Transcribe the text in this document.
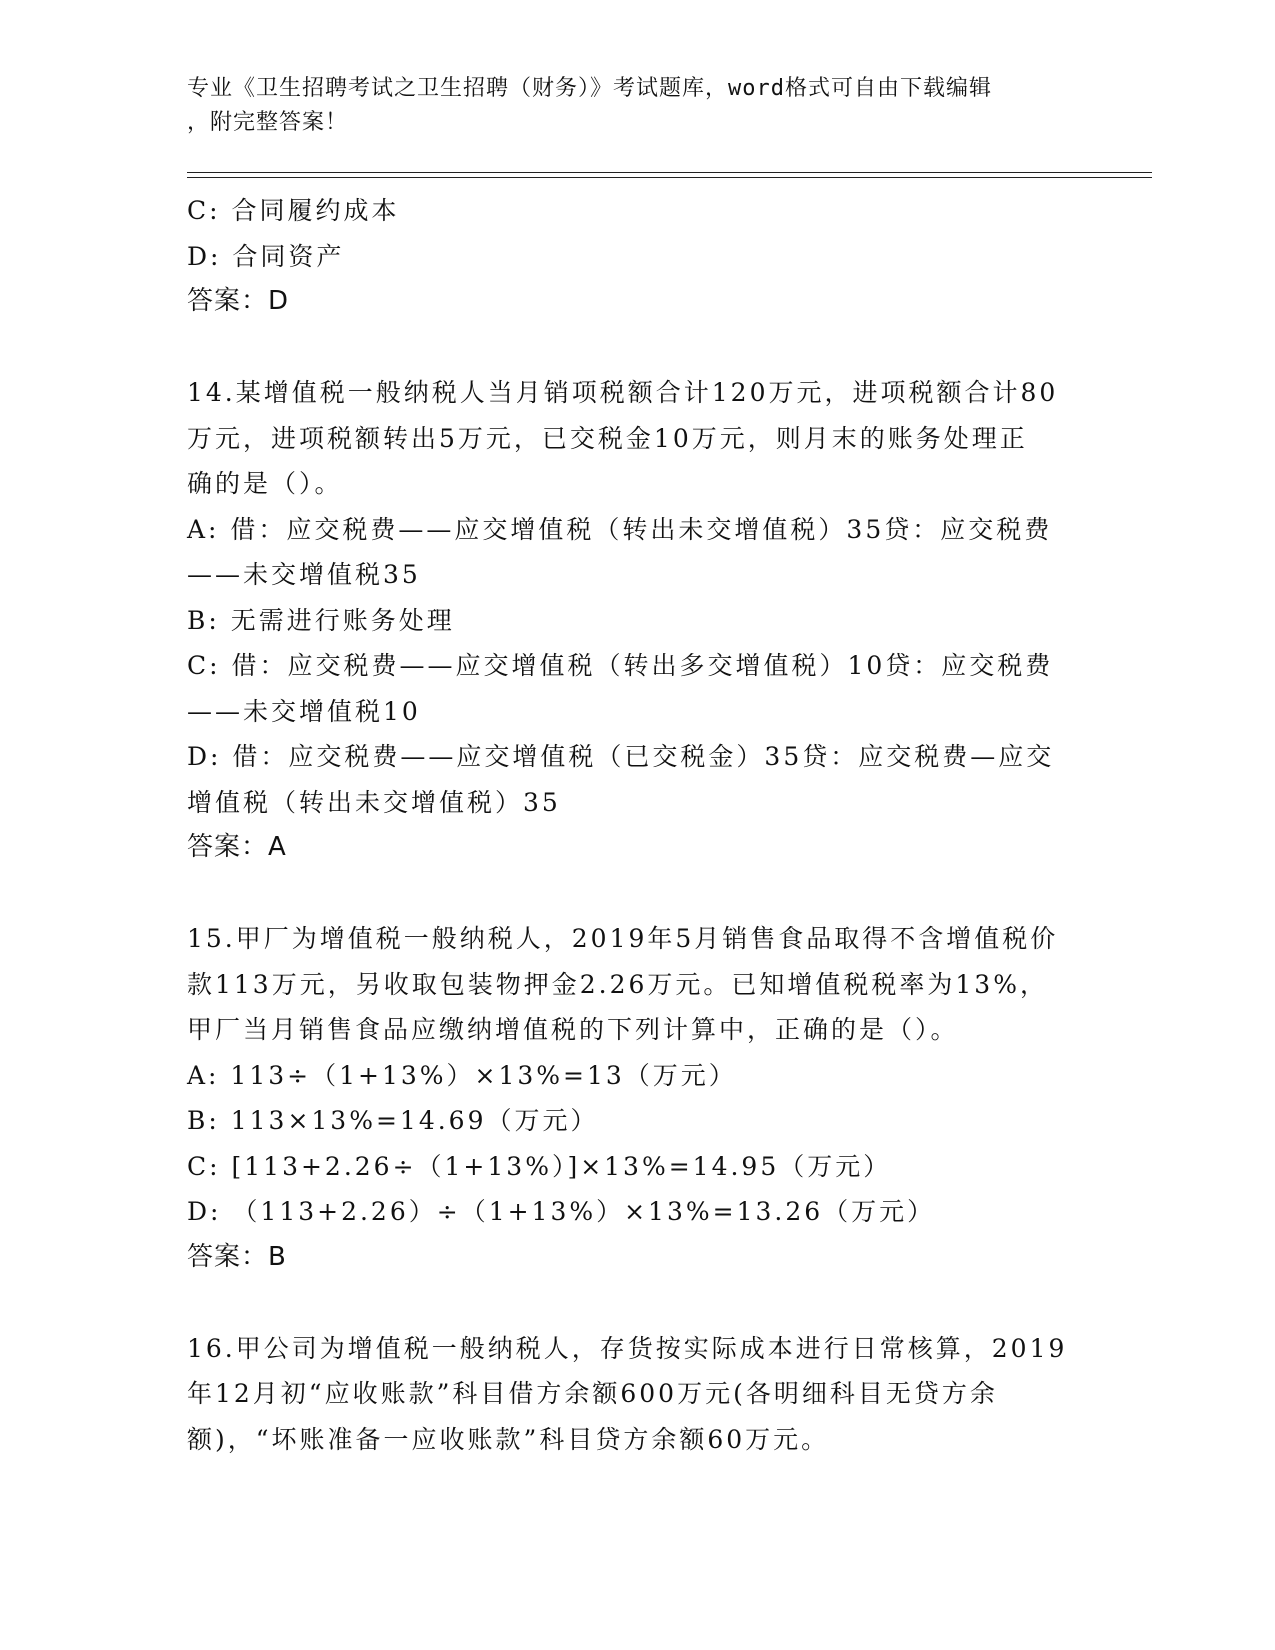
专业《卫生招聘考试之卫生招聘（财务）》考试题库，word格式可自由下载编辑
，附完整答案！
C: 合同履约成本
D: 合同资产
答案：D
14.某增值税一般纳税人当月销项税额合计120万元，进项税额合计80
万元，进项税额转出5万元，已交税金10万元，则月末的账务处理正
确的是（）。
A: 借：应交税费——应交增值税（转出未交增值税）35贷：应交税费
——未交增值税35
B: 无需进行账务处理
C: 借：应交税费——应交增值税（转出多交增值税）10贷：应交税费
——未交增值税10
D: 借：应交税费——应交增值税（已交税金）35贷：应交税费—应交
增值税（转出未交增值税）35
答案：A
15.甲厂为增值税一般纳税人，2019年5月销售食品取得不含增值税价
款113万元，另收取包装物押金2.26万元。已知增值税税率为13%，
甲厂当月销售食品应缴纳增值税的下列计算中，正确的是（）。
A: 113÷（1+13%）×13%=13（万元）
B: 113×13%=14.69（万元）
C: [113+2.26÷（1+13%）]×13%=14.95（万元）
D: （113+2.26）÷（1+13%）×13%=13.26（万元）
答案：B
16.甲公司为增值税一般纳税人，存货按实际成本进行日常核算，2019
年12月初“应收账款”科目借方余额600万元(各明细科目无贷方余
额)，“坏账准备一应收账款”科目贷方余额60万元。
